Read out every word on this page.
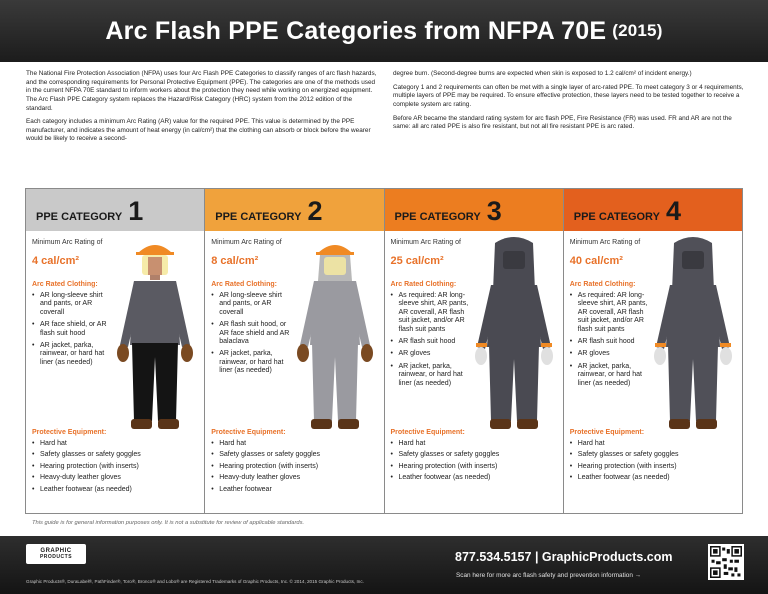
Arc Flash PPE Categories from NFPA 70E (2015)

The National Fire Protection Association (NFPA) uses four Arc Flash PPE Categories to classify ranges of arc flash hazards, and the corresponding requirements for Personal Protective Equipment (PPE). The categories are one of the methods used in the current NFPA 70E standard to inform workers about the protection they need while working on energized equipment. The Arc Flash PPE Category system replaces the Hazard/Risk Category (HRC) system from the 2012 edition of the standard.

Each category includes a minimum Arc Rating (AR) value for the required PPE. This value is determined by the PPE manufacturer, and indicates the amount of heat energy (in cal/cm²) that the clothing can absorb or block before the wearer would be likely to receive a second-

degree burn. (Second-degree burns are expected when skin is exposed to 1.2 cal/cm² of incident energy.)

Category 1 and 2 requirements can often be met with a single layer of arc-rated PPE. To meet category 3 or 4 requirements, multiple layers of PPE may be required. To ensure effective protection, these layers need to be tested together to receive a complete system arc rating.

Before AR became the standard rating system for arc flash PPE, Fire Resistance (FR) was used. FR and AR are not the same: all arc rated PPE is also fire resistant, but not all fire resistant PPE is arc rated.

PPE CATEGORY 1
Minimum Arc Rating of
4 cal/cm²
Arc Rated Clothing:
• AR long-sleeve shirt and pants, or AR coverall
• AR face shield, or AR flash suit hood
• AR jacket, parka, rainwear, or hard hat liner (as needed)
Protective Equipment:
• Hard hat
• Safety glasses or safety goggles
• Hearing protection (with inserts)
• Heavy-duty leather gloves
• Leather footwear (as needed)
PPE CATEGORY 2
Minimum Arc Rating of
8 cal/cm²
Arc Rated Clothing:
• AR long-sleeve shirt and pants, or AR coverall
• AR flash suit hood, or AR face shield and AR balaclava
• AR jacket, parka, rainwear, or hard hat liner (as needed)
Protective Equipment:
• Hard hat
• Safety glasses or safety goggles
• Hearing protection (with inserts)
• Heavy-duty leather gloves
• Leather footwear
PPE CATEGORY 3
Minimum Arc Rating of
25 cal/cm²
Arc Rated Clothing:
• As required: AR long-sleeve shirt, AR pants, AR coverall, AR flash suit jacket, and/or AR flash suit pants
• AR flash suit hood
• AR gloves
• AR jacket, parka, rainwear, or hard hat liner (as needed)
Protective Equipment:
• Hard hat
• Safety glasses or safety goggles
• Hearing protection (with inserts)
• Leather footwear (as needed)
PPE CATEGORY 4
Minimum Arc Rating of
40 cal/cm²
Arc Rated Clothing:
• As required: AR long-sleeve shirt, AR pants, AR coverall, AR flash suit jacket, and/or AR flash suit pants
• AR flash suit hood
• AR gloves
• AR jacket, parka, rainwear, or hard hat liner (as needed)
Protective Equipment:
• Hard hat
• Safety glasses or safety goggles
• Hearing protection (with inserts)
• Leather footwear (as needed)
This guide is for general information purposes only. It is not a substitute for review of applicable standards.
GRAPHIC
PRODUCTS
Graphic Products®, DuraLabel®, PathFinder®, Toro®, Bronco® and Lobo® are Registered Trademarks of Graphic Products, Inc. © 2014, 2015 Graphic Products, Inc.
877.534.5157 | GraphicProducts.com
Scan here for more arc flash safety and prevention information →
